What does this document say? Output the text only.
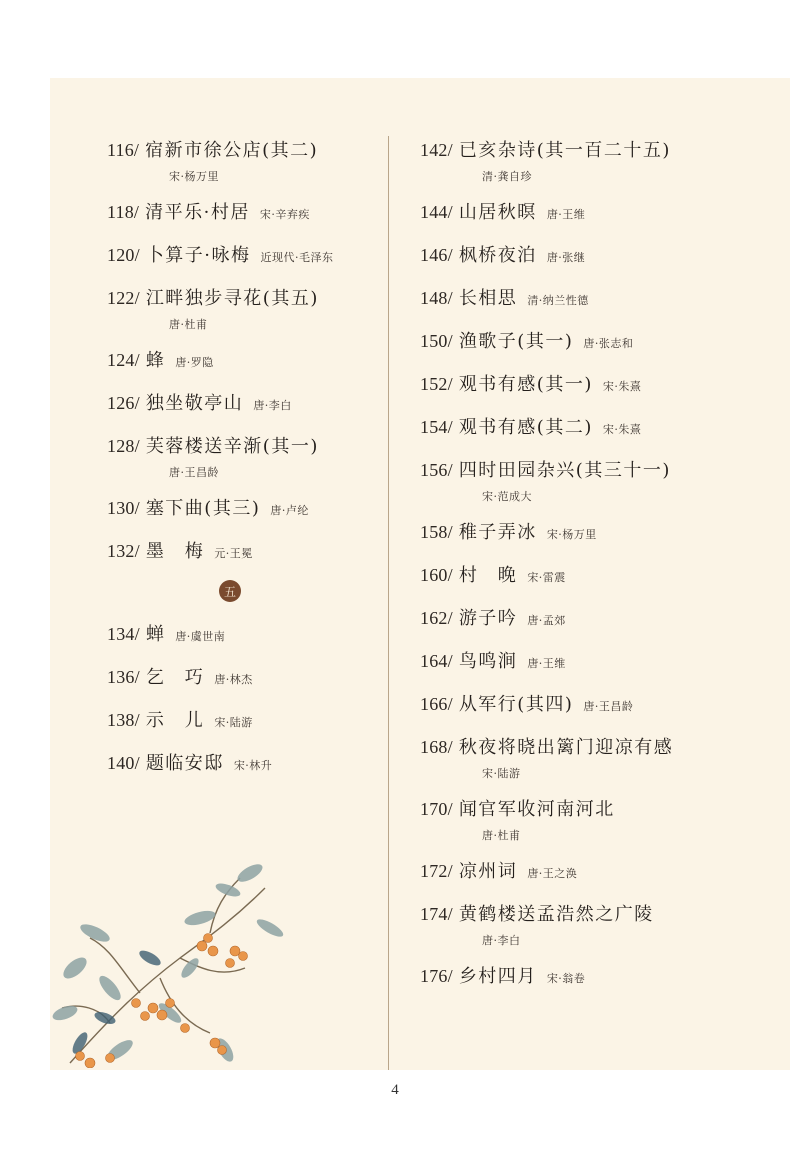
116/ 宿新市徐公店(其二)
宋·杨万里
118/ 清平乐·村居 宋·辛弃疾
120/ 卜算子·咏梅 近现代·毛泽东
122/ 江畔独步寻花(其五)
唐·杜甫
124/ 蜂 唐·罗隐
126/ 独坐敬亭山 唐·李白
128/ 芙蓉楼送辛渐(其一)
唐·王昌龄
130/ 塞下曲(其三) 唐·卢纶
132/ 墨　梅 元·王冕
五
134/ 蝉 唐·虞世南
136/ 乞　巧 唐·林杰
138/ 示　儿 宋·陆游
140/ 题临安邸 宋·林升
142/ 已亥杂诗(其一百二十五)
清·龚自珍
144/ 山居秋暝 唐·王维
146/ 枫桥夜泊 唐·张继
148/ 长相思 清·纳兰性德
150/ 渔歌子(其一) 唐·张志和
152/ 观书有感(其一) 宋·朱熹
154/ 观书有感(其二) 宋·朱熹
156/ 四时田园杂兴(其三十一)
宋·范成大
158/ 稚子弄冰 宋·杨万里
160/ 村　晚 宋·雷震
162/ 游子吟 唐·孟郊
164/ 鸟鸣涧 唐·王维
166/ 从军行(其四) 唐·王昌龄
168/ 秋夜将晓出篱门迎凉有感
宋·陆游
170/ 闻官军收河南河北
唐·杜甫
172/ 凉州词 唐·王之涣
174/ 黄鹤楼送孟浩然之广陵
唐·李白
176/ 乡村四月 宋·翁卷
4
